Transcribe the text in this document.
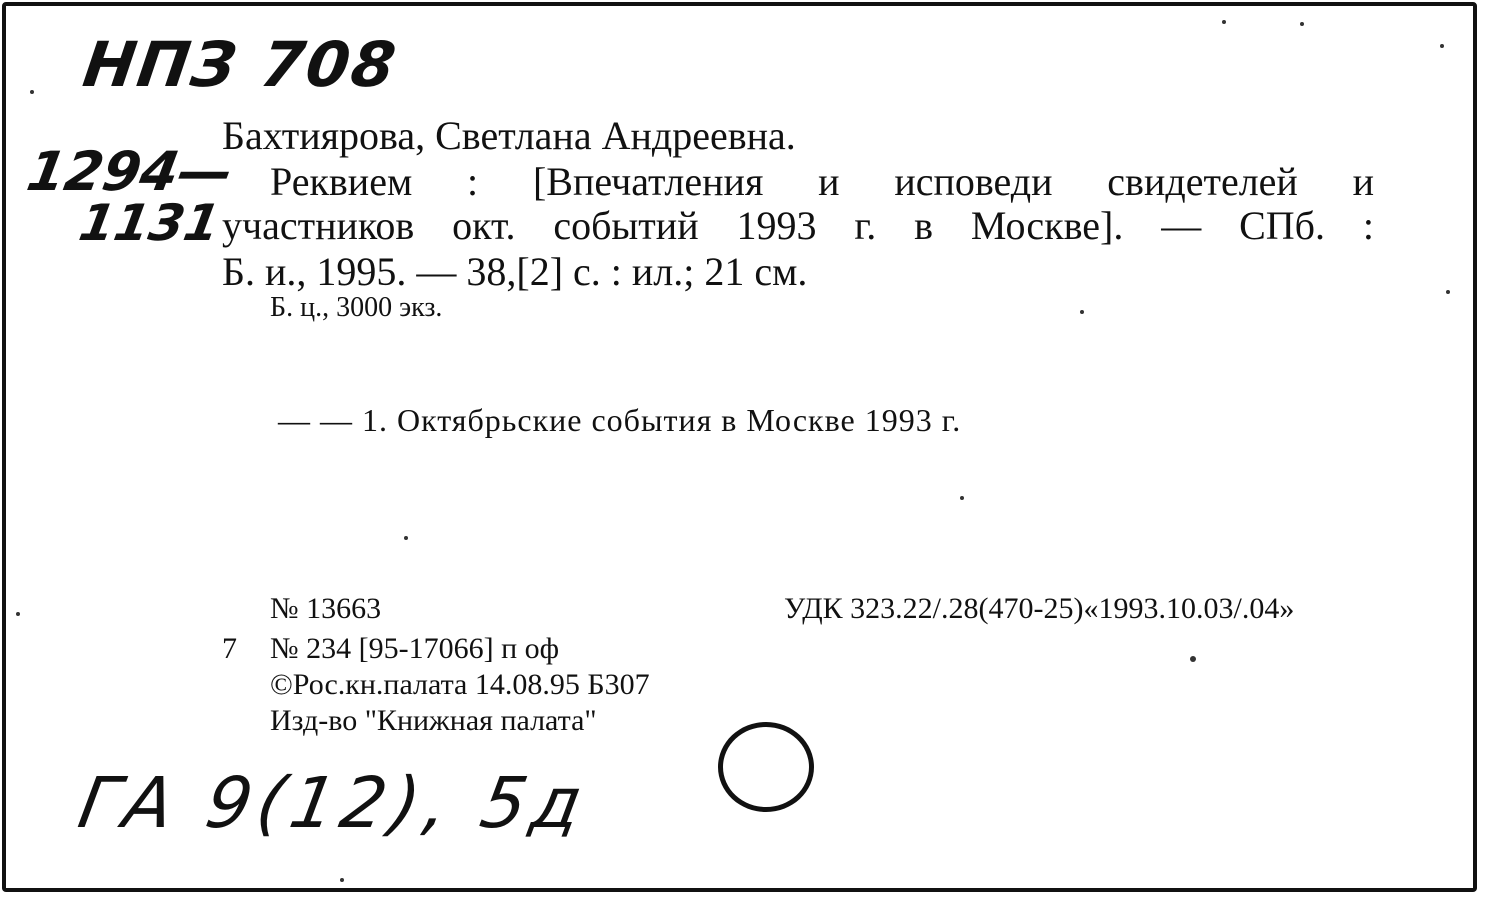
НПЗ 708
1294—
1131
Бахтиярова, Светлана Андреевна.
Реквием : [Впечатления и исповеди свидетелей и
участников окт. событий 1993 г. в Москве]. — СПб. :
Б. и., 1995. — 38,[2] с. : ил.; 21 см.
Б. ц., 3000 экз.
— — 1. Октябрьские события в Москве 1993 г.
№ 13663	УДК 323.22/.28(470-25)«1993.10.03/.04»
7 № 234 [95-17066] п оф
©Рос.кн.палата 14.08.95 Б307
Изд-во "Книжная палата"
ГА 9(12), 5д
